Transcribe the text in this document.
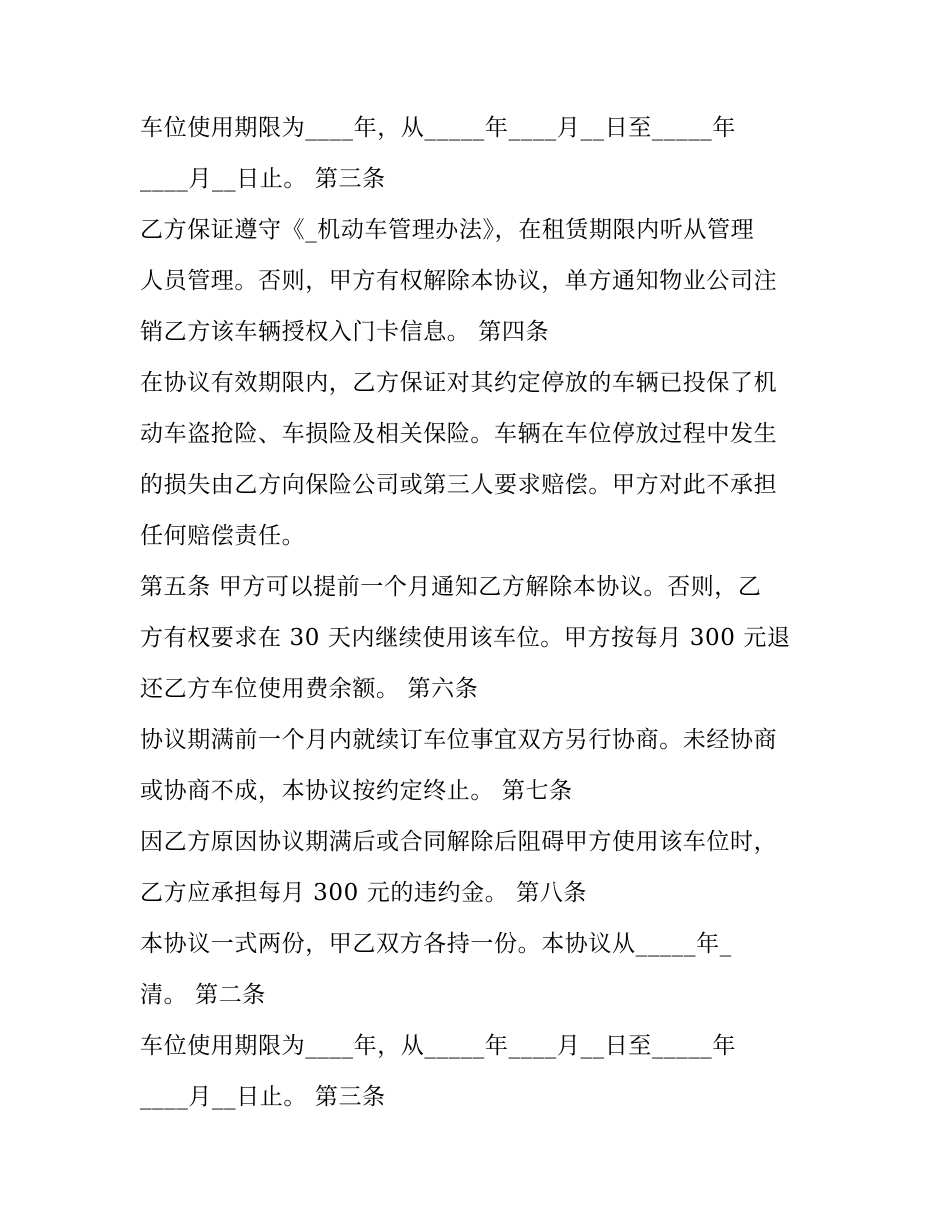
车位使用期限为____年，从_____年____月__日至_____年
____月__日止。 第三条
乙方保证遵守《_机动车管理办法》，在租赁期限内听从管理
人员管理。否则，甲方有权解除本协议，单方通知物业公司注
销乙方该车辆授权入门卡信息。 第四条
在协议有效期限内，乙方保证对其约定停放的车辆已投保了机
动车盗抢险、车损险及相关保险。车辆在车位停放过程中发生
的损失由乙方向保险公司或第三人要求赔偿。甲方对此不承担
任何赔偿责任。
第五条 甲方可以提前一个月通知乙方解除本协议。否则，乙
方有权要求在 30 天内继续使用该车位。甲方按每月 300 元退
还乙方车位使用费余额。 第六条
协议期满前一个月内就续订车位事宜双方另行协商。未经协商
或协商不成，本协议按约定终止。 第七条
因乙方原因协议期满后或合同解除后阻碍甲方使用该车位时，
乙方应承担每月 300 元的违约金。 第八条
本协议一式两份，甲乙双方各持一份。本协议从_____年_
清。 第二条
车位使用期限为____年，从_____年____月__日至_____年
____月__日止。 第三条
